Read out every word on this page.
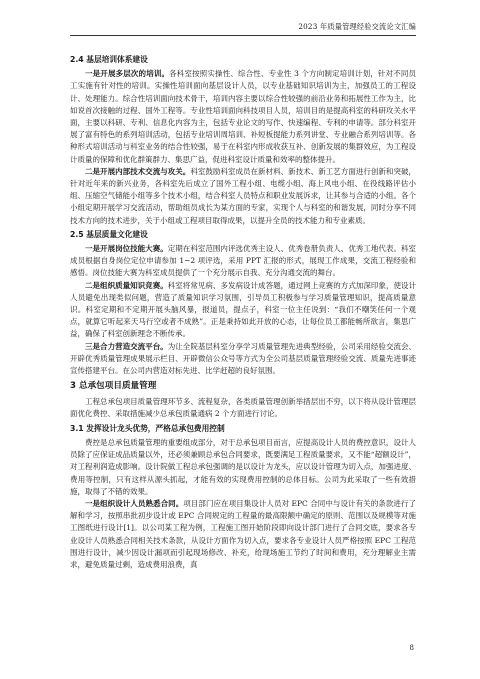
2023 年质量管理经验交流论文汇编
2.4 基层培训体系建设

一是开展多层次的培训。各科室按照实操性、综合性、专业性 3 个方向制定培训计划，针对不同员工实施有针对性的培训。实操性培训面向基层设计人员，以专业基础知识培训为主，加强员工的工程设计、处理能力。综合性培训面向技术骨干，培训内容主要以综合性较强的前沿业务和拓展性工作为主，比如说首次接触的过程、国外工程等。专业性培训面向科技项目人员，培训目的是提高科室的科研攻关水平面，主要以科研、专利、信息化内容为主，包括专业论文的写作、快速编程、专利的申请等。部分科室开展了富有特色的系列培训活动，包括专业培训周培训、补短板提能力系列讲堂、专业融合系列培训等。各种形式培训活动与科室业务的结合性较强，易于在科室内形成收获互补、创新发展的集群效应，为工程设计质量的保障和优化群策群力、集思广益，促进科室设计质量和效率的整体提升。

二是开展内部技术交流与攻关。科室鼓励科室成员在新材料、新技术、新工艺方面进行创新和突破，针对近年来的新兴业务，各科室先后成立了国外工程小组、电缆小组、海上风电小组、在役线路评估小组、压缩空气储能小组等多个技术小组，结合科室人员特点和职业发展诉求，让其参与合适的小组。各个小组定期开展学习交流活动，帮助组员成长为某方面的专家，实现个人与科室的和谐发展，同时分享不同技术方向的技术进步，关于小组或工程项目取得成果，以提升全员的技术能力和专业素质。

2.5 基层质量文化建设

一是开展岗位技能大赛。定期在科室范围内评选优秀主设人、优秀卷册负责人、优秀工地代表。科室成员根据自身岗位定位申请参加 1~2 项评选，采用 PPT 汇报的形式，展现工作成果，交流工程经验和感悟。岗位技能大赛为科室成员提供了一个充分展示自我、充分沟通交流的舞台。

二是组织质量知识竞赛。科室将常见病、多发病设计成答题，通过网上竞赛的方式加深印象，使设计人员避免出现类似问题，营造了质量知识学习氛围，引导员工积极参与学习质量管理知识，提高质量意识。科室定期和不定期开展头脑风暴，报道员，提点子，科室一位主任说到：“我们不嘲笑任何一个观点，就算它听起来天马行空或者不成熟”。正是秉持如此开放的心态，让每位员工都能畅所欲言，集思广益，确保了科室创新理念不断传承。

三是合力营造交流平台。为让全院基层科室分享学习质量管理先进典型经验，公司采用经验交流会、开辟优秀质量管理成果展示栏目、开辟微信公众号等方式为全公司基层质量管理经验交流、质量先进事迹宣传搭建平台。在公司内营造对标先进、比学赶超的良好氛围。

3 总承包项目质量管理

工程总承包项目质量管理环节多、流程复杂，各类质量管理创新举措层出不穷，以下将从设计管理层面优化费控、采取措施减少总承包质量通病 2 个方面进行讨论。

3.1 发挥设计龙头优势，严格总承包费用控制

费控是总承包质量管理的重要组成部分，对于总承包项目而言，应提高设计人员的费控意识，设计人员除了应保证成品质量以外，还必须兼顾总承包合同要求，既要满足工程质量要求，又不能“超额设计”，对工程利润造成影响。设计院做工程总承包强调的是以设计为龙头，应以设计管理为切入点，加强进度、费用等控制，只有这样从源头抓起，才能有效的实现费用控制的总体目标。公司为此采取了一些有效措施，取得了不错的效果。

一是组织设计人员熟悉合同。项目部门应在项目集设计人员对 EPC 合同中与设计有关的条款进行了解和学习，按照串批初步设计或 EPC 合同规定的工程量的最高限额中确定的原则、范围以及规模等对施工图纸进行设计[1]。以公司某工程为例，工程施工图开始阶段即向设计部门进行了合同交底，要求各专业设计人员熟悉合同相关技术条款，从设计方面作为切入点，要求各专业设计人员严格按照 EPC 工程范围进行设计，减少因设计漏项而引起现场修改、补充，给现场施工节约了时间和费用，充分理解业主需求，避免质量过剩，造成费用浪费，真

8
